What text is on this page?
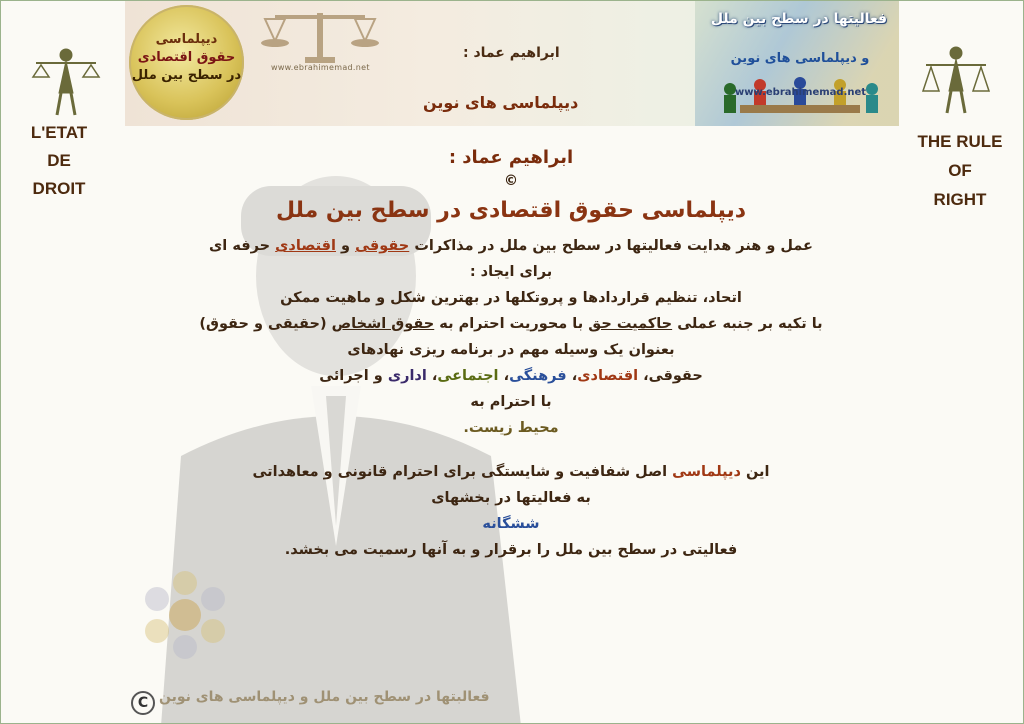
دیپلماسی
حقوق اقتصادی
در سطح بین ملل
www.ebrahimemad.net
ابراهیم عماد :
دیپلماسی های نوین
فعالیتها در سطح بین ملل
و دیپلماسی های نوین
www.ebrahimemad.net
L'ETAT
DE
DROIT
THE RULE
OF
RIGHT
ابراهیم عماد :
©
دیپلماسی حقوق اقتصادی در سطح بین ملل
عمل و هنر هدایت فعالیتها در سطح بین ملل در مذاکرات حقوقی و اقتصادی حرفه ای
برای ایجاد :
اتحاد، تنظیم قراردادها و پروتکلها در بهترین شکل و ماهیت ممکن
با تکیه بر جنبه عملی حاکمیت حق با محوریت احترام به حقوق اشخاص (حقیقی و حقوق)
بعنوان یک وسیله مهم در برنامه ریزی نهادهای
حقوقی، اقتصادی، فرهنگی، اجتماعی، اداری و اجرائی
با احترام به
محیط زیست.
این دیپلماسی اصل شفافیت و شایستگی برای احترام قانونی و معاهداتی
به فعالیتها در بخشهای
ششگانه
فعالیتی در سطح بین ملل را برقرار و به آنها رسمیت می بخشد.
C فعالبتها در سطح بین ملل و دیپلماسی های نوین
